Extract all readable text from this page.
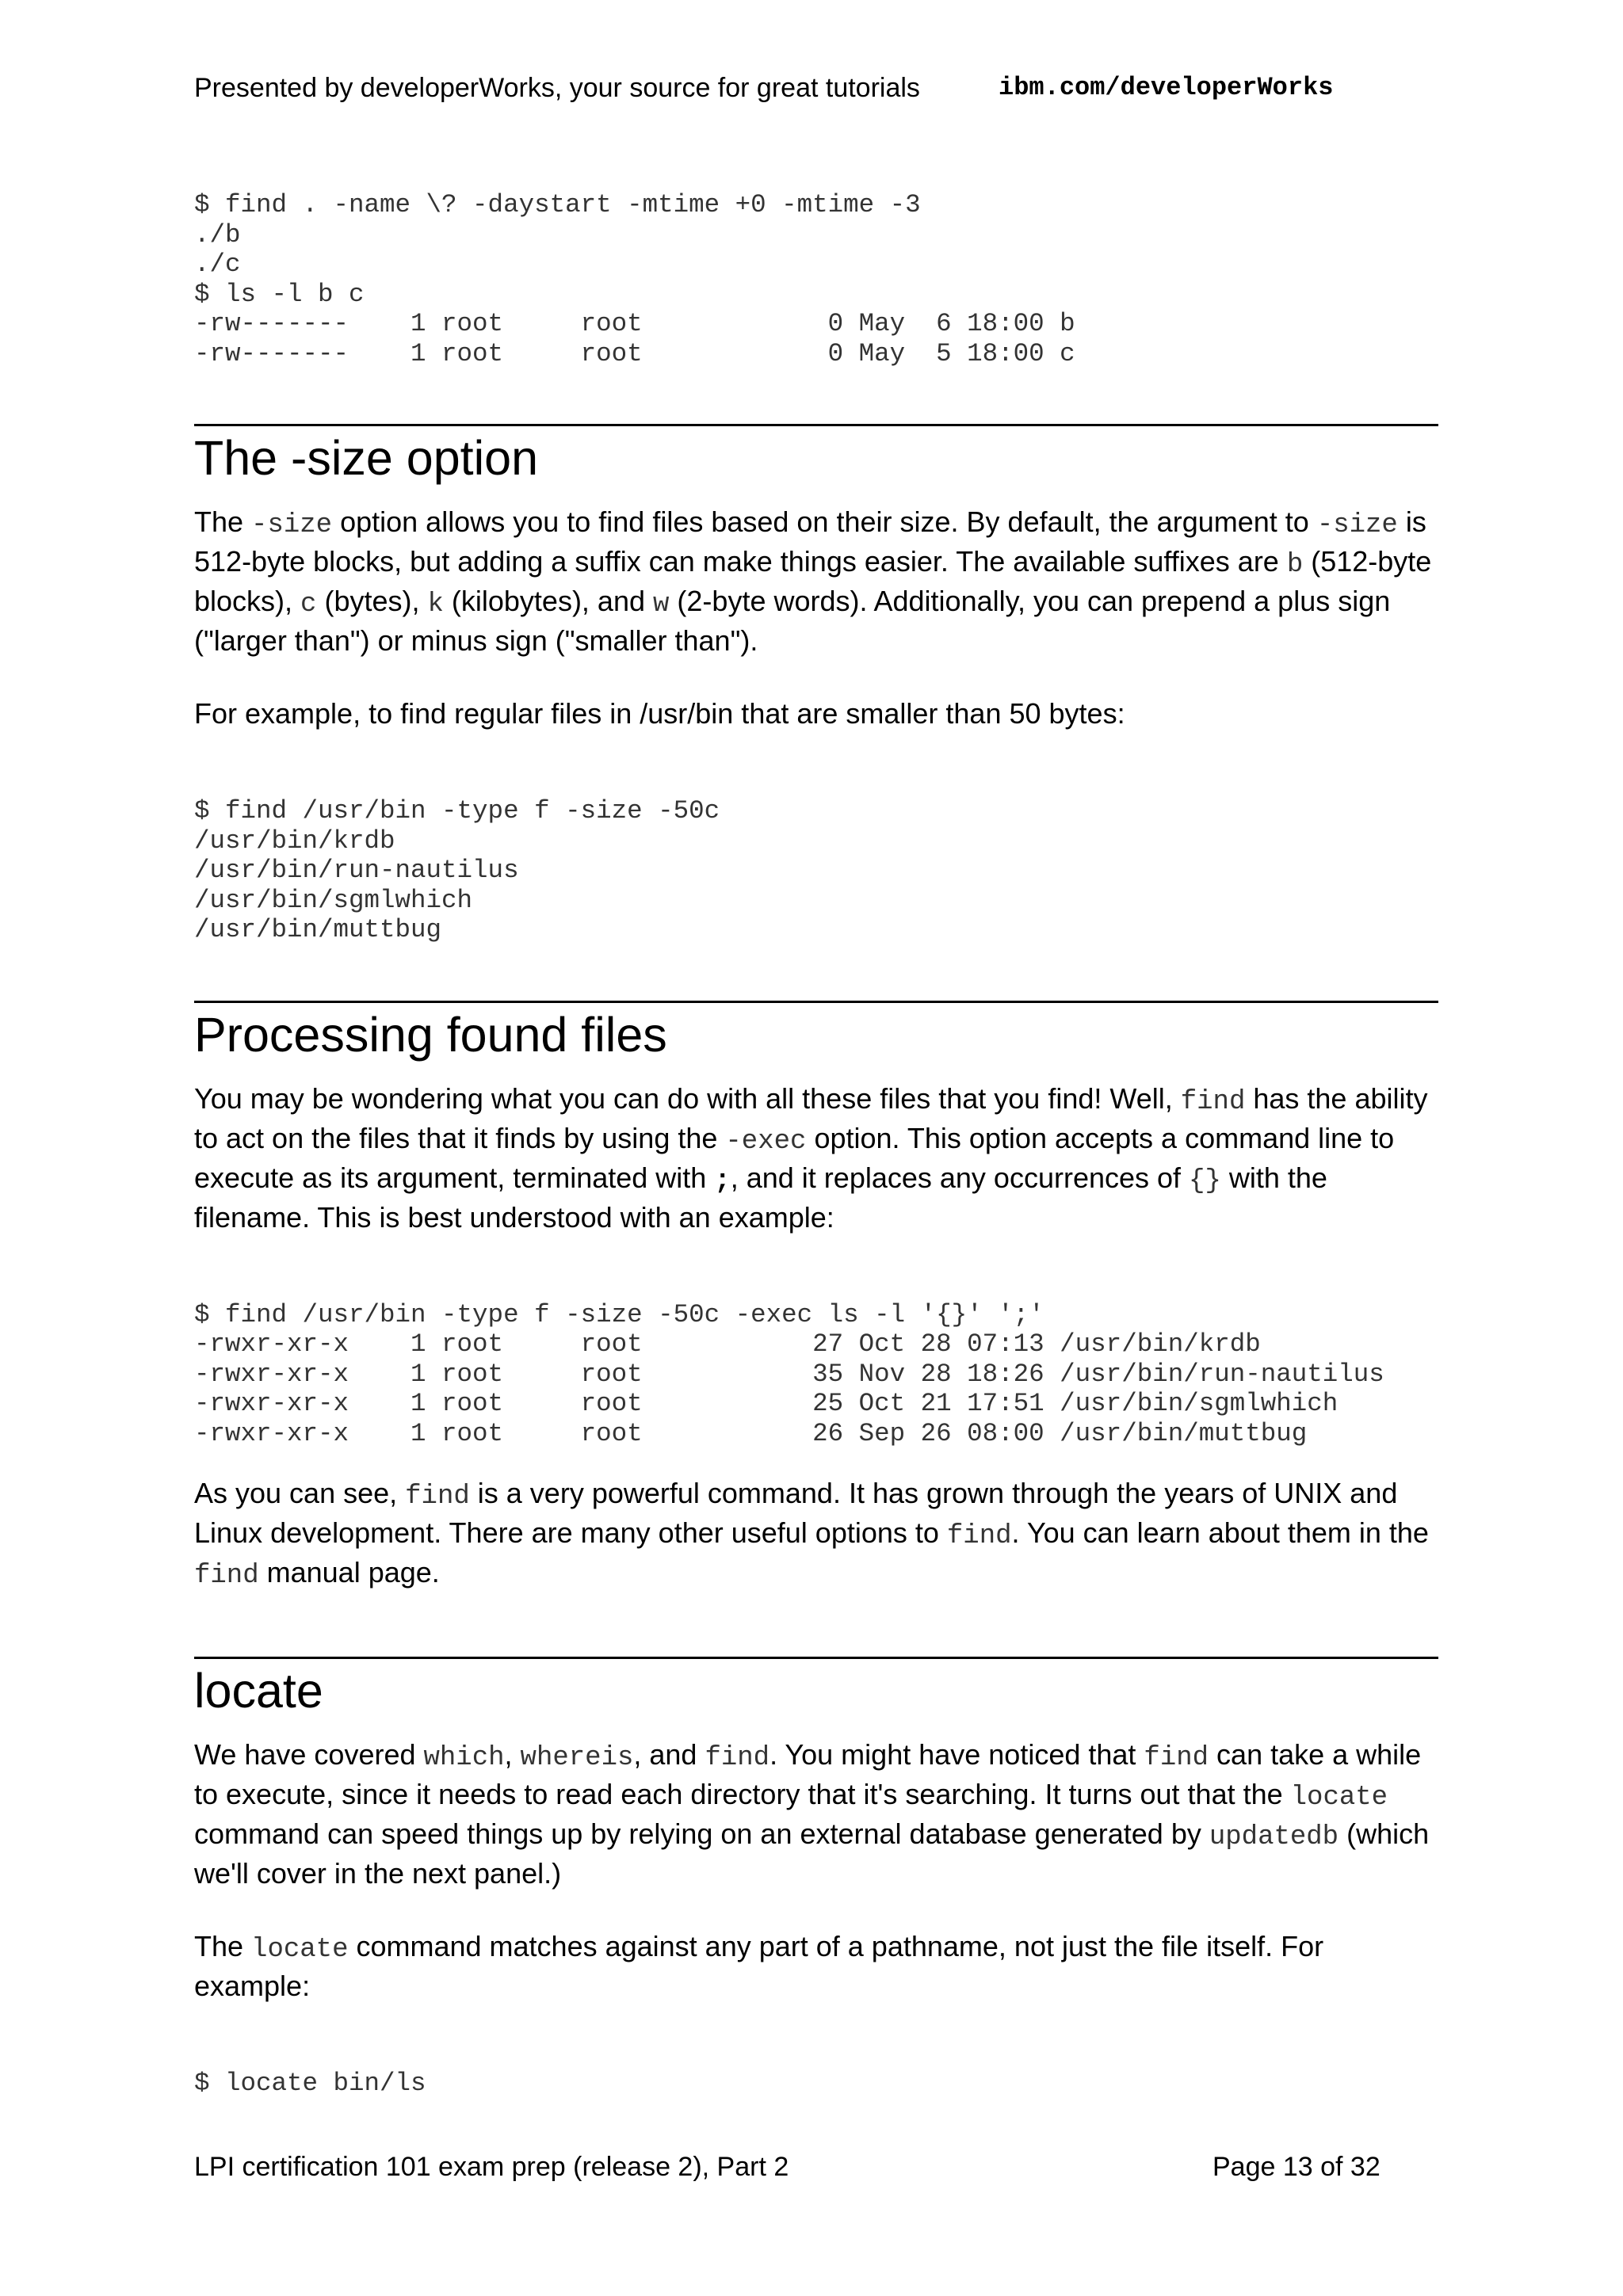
Presented by developerWorks, your source for great tutorials	ibm.com/developerWorks
$ find . -name \? -daystart -mtime +0 -mtime -3
./b
./c
$ ls -l b c
-rw-------    1 root     root            0 May  6 18:00 b
-rw-------    1 root     root            0 May  5 18:00 c
The -size option

The -size option allows you to find files based on their size. By default, the argument to -size is 512-byte blocks, but adding a suffix can make things easier. The available suffixes are b (512-byte blocks), c (bytes), k (kilobytes), and w (2-byte words). Additionally, you can prepend a plus sign ("larger than") or minus sign ("smaller than").

For example, to find regular files in /usr/bin that are smaller than 50 bytes:

$ find /usr/bin -type f -size -50c
/usr/bin/krdb
/usr/bin/run-nautilus
/usr/bin/sgmlwhich
/usr/bin/muttbug
Processing found files

You may be wondering what you can do with all these files that you find! Well, find has the ability to act on the files that it finds by using the -exec option. This option accepts a command line to execute as its argument, terminated with ;, and it replaces any occurrences of {} with the filename. This is best understood with an example:

$ find /usr/bin -type f -size -50c -exec ls -l '{}' ';'
-rwxr-xr-x    1 root     root           27 Oct 28 07:13 /usr/bin/krdb
-rwxr-xr-x    1 root     root           35 Nov 28 18:26 /usr/bin/run-nautilus
-rwxr-xr-x    1 root     root           25 Oct 21 17:51 /usr/bin/sgmlwhich
-rwxr-xr-x    1 root     root           26 Sep 26 08:00 /usr/bin/muttbug

As you can see, find is a very powerful command. It has grown through the years of UNIX and Linux development. There are many other useful options to find. You can learn about them in the find manual page.

locate

We have covered which, whereis, and find. You might have noticed that find can take a while to execute, since it needs to read each directory that it's searching. It turns out that the locate command can speed things up by relying on an external database generated by updatedb (which we'll cover in the next panel.)

The locate command matches against any part of a pathname, not just the file itself. For example:

$ locate bin/ls
LPI certification 101 exam prep (release 2), Part 2	Page 13 of 32
